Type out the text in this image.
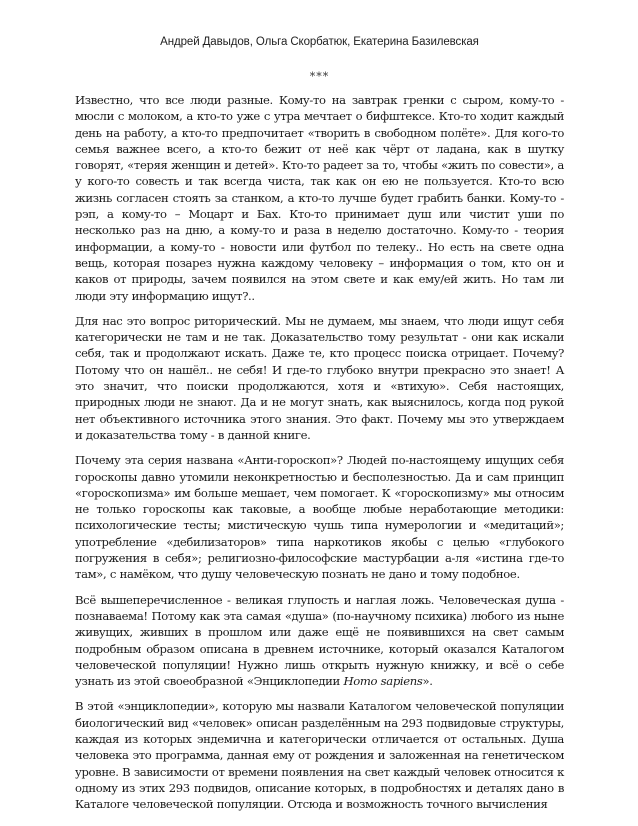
Андрей Давыдов, Ольга Скорбатюк, Екатерина Базилевская
***

Известно, что все люди разные. Кому-то на завтрак гренки с сыром, кому-то - мюсли с молоком, а кто-то уже с утра мечтает о бифштексе. Кто-то ходит каждый день на работу, а кто-то предпочитает «творить в свободном полёте». Для кого-то семья важнее всего, а кто-то бежит от неё как чёрт от ладана, как в шутку говорят, «теряя женщин и детей». Кто-то радеет за то, чтобы «жить по совести», а у кого-то совесть и так всегда чиста, так как он ею не пользуется. Кто-то всю жизнь согласен стоять за станком, а кто-то лучше будет грабить банки. Кому-то - рэп, а кому-то – Моцарт и Бах. Кто-то принимает душ или чистит уши по несколько раз на дню, а кому-то и раза в неделю достаточно. Кому-то - теория информации, а кому-то - новости или футбол по телеку.. Но есть на свете одна вещь, которая позарез нужна каждому человеку – информация о том, кто он и каков от природы, зачем появился на этом свете и как ему/ей жить. Но там ли люди эту информацию ищут?..

Для нас это вопрос риторический. Мы не думаем, мы знаем, что люди ищут себя категорически не там и не так. Доказательство тому результат - они как искали себя, так и продолжают искать. Даже те, кто процесс поиска отрицает. Почему? Потому что он нашёл.. не себя! И где-то глубоко внутри прекрасно это знает! А это значит, что поиски продолжаются, хотя и «втихую». Себя настоящих, природных люди не знают. Да и не могут знать, как выяснилось, когда под рукой нет объективного источника этого знания. Это факт. Почему мы это утверждаем и доказательства тому - в данной книге.

Почему эта серия названа «Анти-гороскоп»? Людей по-настоящему ищущих себя гороскопы давно утомили неконкретностью и бесполезностью. Да и сам принцип «гороскопизма» им больше мешает, чем помогает. К «гороскопизму» мы относим не только гороскопы как таковые, а вообще любые неработающие методики: психологические тесты; мистическую чушь типа нумерологии и «медитаций»; употребление «дебилизаторов» типа наркотиков якобы с целью «глубокого погружения в себя»; религиозно-философские мастурбации а-ля «истина где-то там», с намёком, что душу человеческую познать не дано и тому подобное.

Всё вышеперечисленное - великая глупость и наглая ложь. Человеческая душа - познаваема! Потому как эта самая «душа» (по-научному психика) любого из ныне живущих, живших в прошлом или даже ещё не появившихся на свет самым подробным образом описана в древнем источнике, который оказался Каталогом человеческой популяции! Нужно лишь открыть нужную книжку, и всё о себе узнать из этой своеобразной «Энциклопедии Homo sapiens».

В этой «энциклопедии», которую мы назвали Каталогом человеческой популяции биологический вид «человек» описан разделённым на 293 подвидовые структуры, каждая из которых эндемична и категорически отличается от остальных. Душа человека это программа, данная ему от рождения и заложенная на генетическом уровне. В зависимости от времени появления на свет каждый человек относится к одному из этих 293 подвидов, описание которых, в подробностях и деталях дано в Каталоге человеческой популяции. Отсюда и возможность точного вычисления
